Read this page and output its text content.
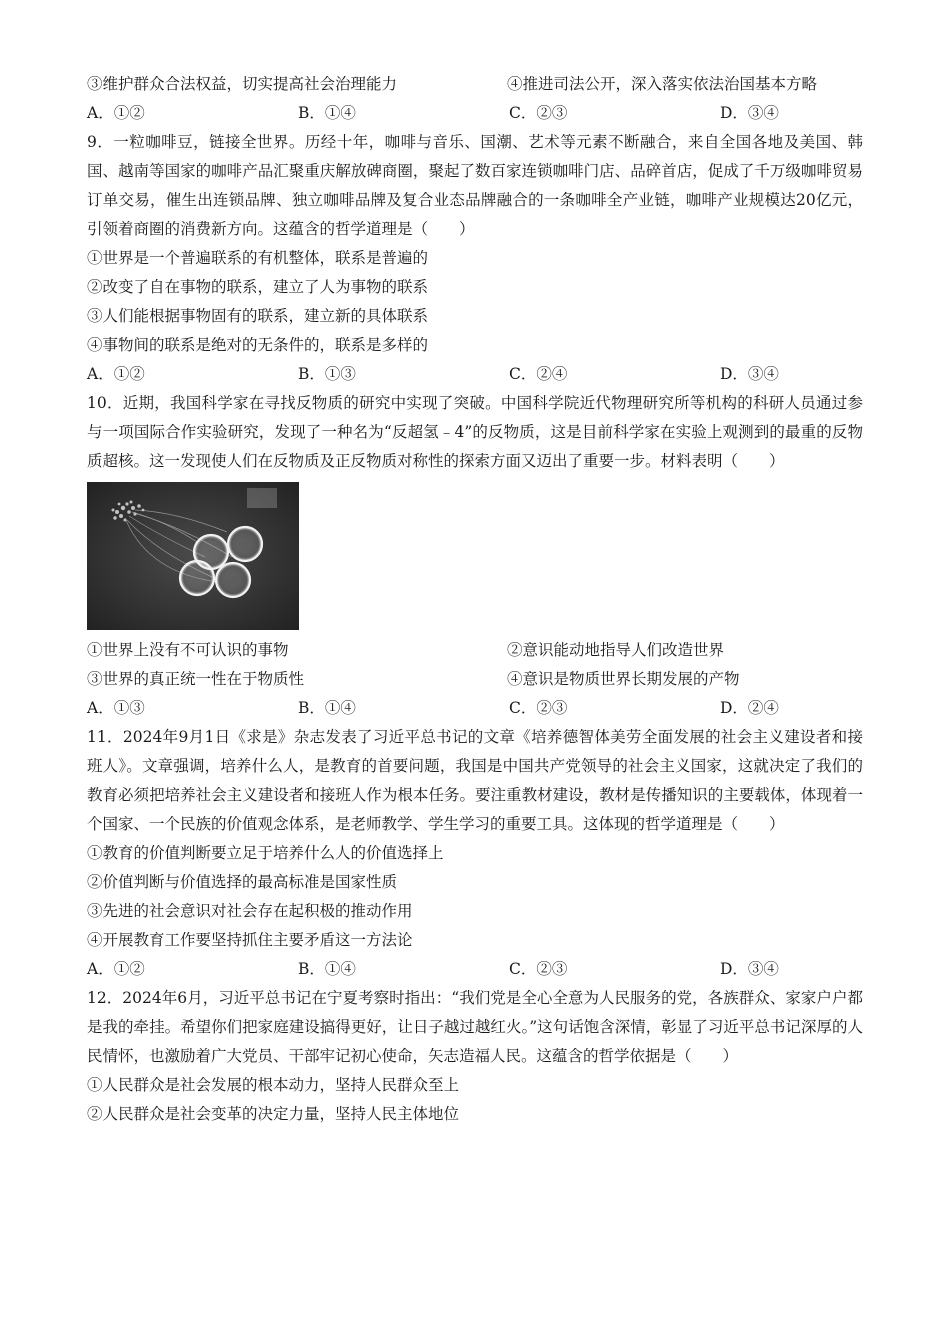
③维护群众合法权益，切实提高社会治理能力	④推进司法公开，深入落实依法治国基本方略
A．①②	B．①④	C．②③	D．③④
9．一粒咖啡豆，链接全世界。历经十年，咖啡与音乐、国潮、艺术等元素不断融合，来自全国各地及美国、韩国、越南等国家的咖啡产品汇聚重庆解放碑商圈，聚起了数百家连锁咖啡门店、品碎首店，促成了千万级咖啡贸易订单交易，催生出连锁品牌、独立咖啡品牌及复合业态品牌融合的一条咖啡全产业链，咖啡产业规模达20亿元，引领着商圈的消费新方向。这蕴含的哲学道理是（　　）
①世界是一个普遍联系的有机整体，联系是普遍的
②改变了自在事物的联系，建立了人为事物的联系
③人们能根据事物固有的联系，建立新的具体联系
④事物间的联系是绝对的无条件的，联系是多样的
A．①②	B．①③	C．②④	D．③④
10．近期，我国科学家在寻找反物质的研究中实现了突破。中国科学院近代物理研究所等机构的科研人员通过参与一项国际合作实验研究，发现了一种名为“反超氢﹣4”的反物质，这是目前科学家在实验上观测到的最重的反物质超核。这一发现使人们在反物质及正反物质对称性的探索方面又迈出了重要一步。材料表明（　　）
①世界上没有不可认识的事物	②意识能动地指导人们改造世界
③世界的真正统一性在于物质性	④意识是物质世界长期发展的产物
A．①③	B．①④	C．②③	D．②④
11．2024年9月1日《求是》杂志发表了习近平总书记的文章《培养德智体美劳全面发展的社会主义建设者和接班人》。文章强调，培养什么人，是教育的首要问题，我国是中国共产党领导的社会主义国家，这就决定了我们的教育必须把培养社会主义建设者和接班人作为根本任务。要注重教材建设，教材是传播知识的主要载体，体现着一个国家、一个民族的价值观念体系，是老师教学、学生学习的重要工具。这体现的哲学道理是（　　）
①教育的价值判断要立足于培养什么人的价值选择上
②价值判断与价值选择的最高标准是国家性质
③先进的社会意识对社会存在起积极的推动作用
④开展教育工作要坚持抓住主要矛盾这一方法论
A．①②	B．①④	C．②③	D．③④
12．2024年6月，习近平总书记在宁夏考察时指出：“我们党是全心全意为人民服务的党，各族群众、家家户户都是我的牵挂。希望你们把家庭建设搞得更好，让日子越过越红火。”这句话饱含深情，彰显了习近平总书记深厚的人民情怀，也激励着广大党员、干部牢记初心使命，矢志造福人民。这蕴含的哲学依据是（　　）
①人民群众是社会发展的根本动力，坚持人民群众至上
②人民群众是社会变革的决定力量，坚持人民主体地位
